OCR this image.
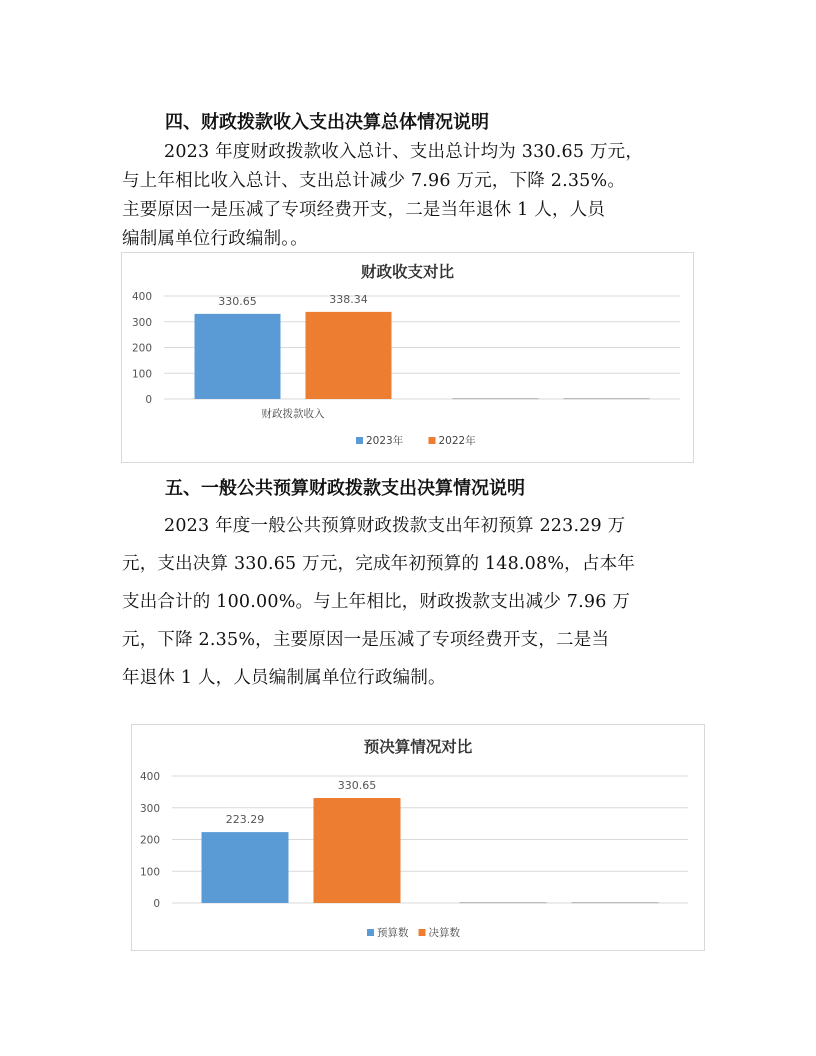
四、财政拨款收入支出决算总体情况说明
2023 年度财政拨款收入总计、支出总计均为 330.65 万元，
与上年相比收入总计、支出总计减少 7.96 万元，下降 2.35%。
主要原因一是压减了专项经费开支，二是当年退休 1 人，人员
编制属单位行政编制。。
财政收支对比
400
300
200
100
0
330.65	338.34
财政拨款收入
2023年	2022年
五、一般公共预算财政拨款支出决算情况说明
2023 年度一般公共预算财政拨款支出年初预算 223.29 万
元，支出决算 330.65 万元，完成年初预算的 148.08%，占本年
支出合计的 100.00%。与上年相比，财政拨款支出减少 7.96 万
元，下降 2.35%，主要原因一是压减了专项经费开支，二是当
年退休 1 人，人员编制属单位行政编制。
预决算情况对比
400
300
200
100
0
223.29
330.65
预算数 决算数
